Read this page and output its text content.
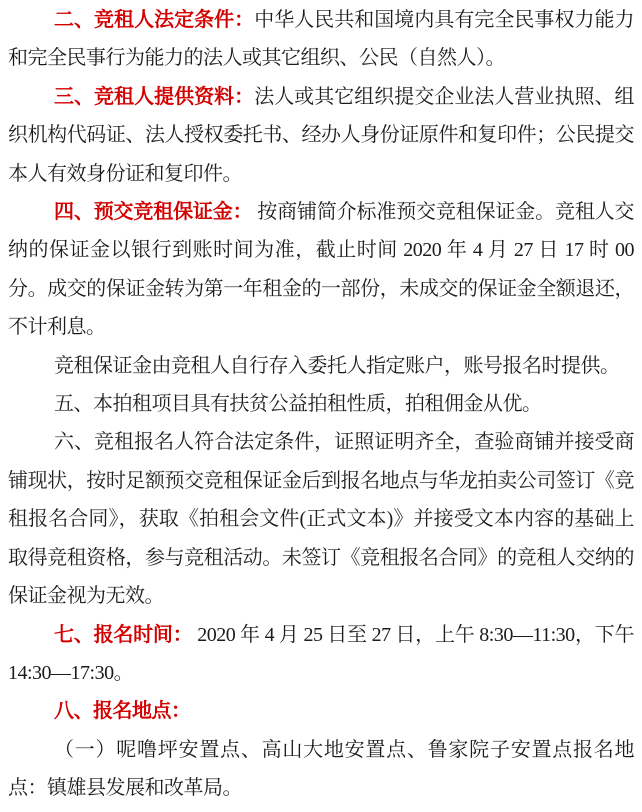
二、竞租人法定条件：中华人民共和国境内具有完全民事权力能力和完全民事行为能力的法人或其它组织、公民（自然人）。

三、竞租人提供资料：法人或其它组织提交企业法人营业执照、组织机构代码证、法人授权委托书、经办人身份证原件和复印件；公民提交本人有效身份证和复印件。

四、预交竞租保证金： 按商铺简介标准预交竞租保证金。竞租人交纳的保证金以银行到账时间为准，截止时间 2020 年 4 月 27 日 17 时 00 分。成交的保证金转为第一年租金的一部份，未成交的保证金全额退还，不计利息。

竞租保证金由竞租人自行存入委托人指定账户，账号报名时提供。

五、本拍租项目具有扶贫公益拍租性质，拍租佣金从优。

六、竞租报名人符合法定条件，证照证明齐全，查验商铺并接受商铺现状，按时足额预交竞租保证金后到报名地点与华龙拍卖公司签订《竞租报名合同》，获取《拍租会文件(正式文本)》并接受文本内容的基础上取得竞租资格，参与竞租活动。未签订《竞租报名合同》的竞租人交纳的保证金视为无效。

七、报名时间： 2020 年 4 月 25 日至 27 日，上午 8:30—11:30，下午 14:30—17:30。

八、报名地点：

（一）呢噜坪安置点、高山大地安置点、鲁家院子安置点报名地点：镇雄县发展和改革局。
